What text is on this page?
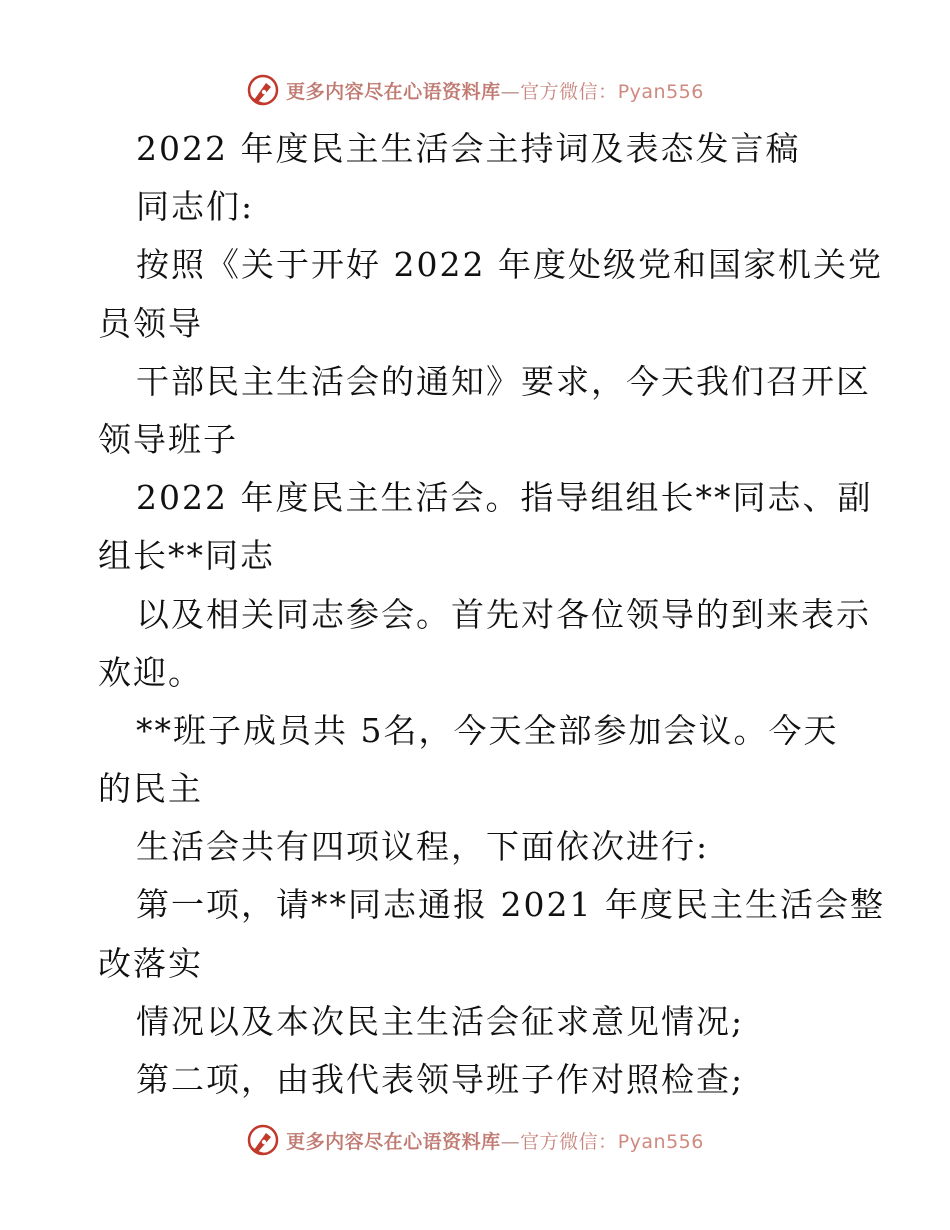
更多内容尽在心语资料库—官方微信：Pyan556
2022 年度民主生活会主持词及表态发言稿
同志们:
按照《关于开好 2022 年度处级党和国家机关党
员领导
干部民主生活会的通知》要求，今天我们召开区
领导班子
2022 年度民主生活会。指导组组长**同志、副
组长**同志
以及相关同志参会。首先对各位领导的到来表示
欢迎。
**班子成员共 5名，今天全部参加会议。今天
的民主
生活会共有四项议程，下面依次进行:
第一项，请**同志通报 2021 年度民主生活会整
改落实
情况以及本次民主生活会征求意见情况;
第二项，由我代表领导班子作对照检查;
更多内容尽在心语资料库—官方微信：Pyan556
